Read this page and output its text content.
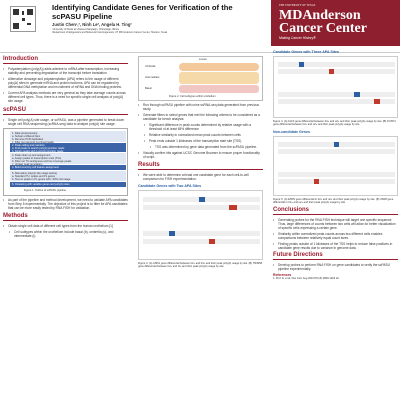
Identifying Candidate Genes for Verification of the scPASU Pipeline
Justin Chen¹,², Ninh Le², Angela H. Ting²
¹University of Illinois at Urbana-Champaign, Champaign, Illinois
²Department of Epigenetics and Molecular Carcinogenesis, UT MD Anderson Cancer Center, Houston, Texas
THE UNIVERSITY OF TEXAS
MDAnderson Cancer Center
Making Cancer History®
Introduction
• Polyadenylation (poly(A)) adds adenine to mRNA after transcription, increasing stability and preventing degradation of the transcript before translation.
• Alternative cleavage and polyadenylation (APA) refers to the usage of different poly(A) sites to generate mRNA and protein isoforms. APA can be regulated by differential DNA methylation and recruitment of mRNA and DNA binding proteins.
• Current APA analysis methods are very general as they take average counts across different cell types. Thus, there is a need for specific single cell analysis of poly(A) site usage.
scPASU
• Single cell poly(A) site usage, or scPASU, was a pipeline generated to break down single cell RNA sequencing (scRNA-seq) data to analyze poly(A) site usage.
1. Data preprocessing
a. Subset unfiltered bam
b. Remove PCR duplicates

2. Peak calling and retention
a. Find peaks & search poly(A) junction reads
b. Retain peaks with A poly(A) junction reads
3. Peak clean up and assignment
a. Assign peaks to transcription units (TUs)
b. Filter out TU-ambiguous and low coverage peaks

4. Build count-by-cell feature assignment
5. Alternative poly(A) site usage testing
a. Standard TU, spikes and PL genes
b. Test on peaks in PL genes with >10% cell usage
6. Clustering with variable genes and poly(A) sites
Figure 1. Outline of scPASU pipeline.
• As part of the pipeline and method development, we need to validate APA candidates from Step 5 experimentally. The objective of this project is to filter for APA candidates that can be more easily tested by RNA FISH for validation.
Methods
• Obtain single cell data of different cell types from the human urothelium [1]
• Cell subtypes within the urothelium include basal (b), umbrella (u), and intermediate (i).
Lumen
Umbrella
Intermediate
Basal
Figure 2. Cell subtypes within urothelium
• Run through scPASU pipeline with urine scRNA-seq data generated from previous study.
• Generate filters to select genes that met the following criteria to be considered as a candidate for bench analysis:
• Significant difference in peak counts determined by relative usage with a threshold of at least 65% difference
• Relative similarity in normalized mean peak counts between cells
• Peak ends outside 1 kilobases of the transcription start site (TSS)
• TSS was determined by gene data generated from the scPASU pipeline.
• Visually confirm hits against UCSC Genome Browser to ensure proper functionality of script.
Results
• We were able to determine at least one candidate gene for each cell-to-cell comparison for FISH experimentation.
Candidate Genes with Two APA Sites
Figure 3. (A) ASPG gene differential between b2+ and b3+ and their peak poly(A) usage by site. (B) TRIM58 gene differential between b2+ and i4+ and their peak poly(A) usage by site.
Candidate Genes with Three APA Sites
Figure 4. (A) KLF3 gene differential between b4+ and u2+ and their peak poly(A) usage by site. (B) FOXP4 gene differential between b2+ and u2+ and their peak poly(A) usage by site.
Non-candidate Genes
Figure 5. (A) ESPN gene differential in b2+ and u2+ and their peak poly(A) usage by site. (B) XKR8 gene differential in b2+ and u2+ and their peak poly(A) usage by site.
Conclusions
• Generating probes for the RNA FISH technique will target one specific sequence. Thus, large differences of counts between two cells will allow for better visualization of specific cells expressing a certain gene.
• Similarity within normalized peak counts across two different cells enables comparisons between relatively equal count sizes.
• Finding peaks outside of 1 kilobases of the TSS helps to reduce false positives in candidate gene results due to variance in genome data.
Future Directions
• Develop probes to perform RNA FISH on gene candidates to verify the scPASU pipeline experimentally.
References
1. Prof. E. et al. Dev Cell. Aug 2022;57(16):1899-1916 e6.
